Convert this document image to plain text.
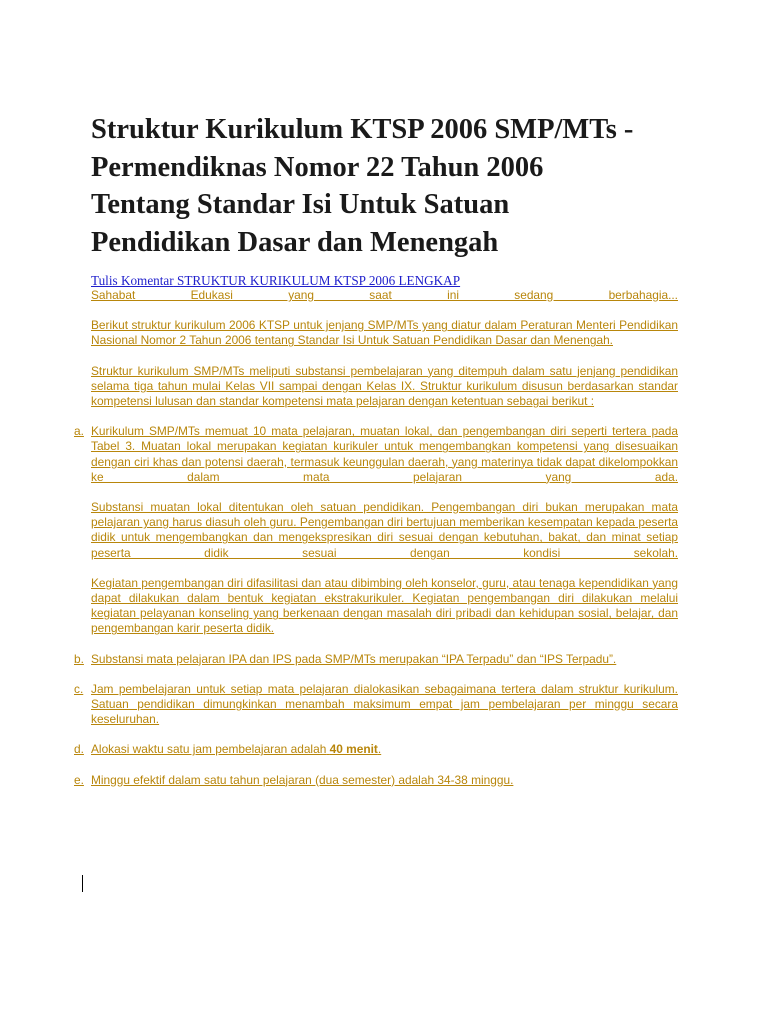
Struktur Kurikulum KTSP 2006 SMP/MTs -
Permendiknas Nomor 22 Tahun 2006
Tentang Standar Isi Untuk Satuan
Pendidikan Dasar dan Menengah
Tulis Komentar STRUKTUR KURIKULUM KTSP 2006 LENGKAP

Sahabat Edukasi yang saat ini sedang berbahagia...

Berikut struktur kurikulum 2006 KTSP untuk jenjang SMP/MTs yang diatur dalam Peraturan Menteri Pendidikan Nasional Nomor 2 Tahun 2006 tentang Standar Isi Untuk Satuan Pendidikan Dasar dan Menengah.

Struktur kurikulum SMP/MTs meliputi substansi pembelajaran yang ditempuh dalam satu jenjang pendidikan selama tiga tahun mulai Kelas VII sampai dengan Kelas IX. Struktur kurikulum disusun berdasarkan standar kompetensi lulusan dan standar kompetensi mata pelajaran dengan ketentuan sebagai berikut :

a. Kurikulum SMP/MTs memuat 10 mata pelajaran, muatan lokal, dan pengembangan diri seperti tertera pada Tabel 3. Muatan lokal merupakan kegiatan kurikuler untuk mengembangkan kompetensi yang disesuaikan dengan ciri khas dan potensi daerah, termasuk keunggulan daerah, yang materinya tidak dapat dikelompokkan ke dalam mata pelajaran yang ada.

Substansi muatan lokal ditentukan oleh satuan pendidikan. Pengembangan diri bukan merupakan mata pelajaran yang harus diasuh oleh guru. Pengembangan diri bertujuan memberikan kesempatan kepada peserta didik untuk mengembangkan dan mengekspresikan diri sesuai dengan kebutuhan, bakat, dan minat setiap peserta didik sesuai dengan kondisi sekolah.

Kegiatan pengembangan diri difasilitasi dan atau dibimbing oleh konselor, guru, atau tenaga kependidikan yang dapat dilakukan dalam bentuk kegiatan ekstrakurikuler. Kegiatan pengembangan diri dilakukan melalui kegiatan pelayanan konseling yang berkenaan dengan masalah diri pribadi dan kehidupan sosial, belajar, dan pengembangan karir peserta didik.

b. Substansi mata pelajaran IPA dan IPS pada SMP/MTs merupakan “IPA Terpadu” dan “IPS Terpadu”.

c. Jam pembelajaran untuk setiap mata pelajaran dialokasikan sebagaimana tertera dalam struktur kurikulum. Satuan pendidikan dimungkinkan menambah maksimum empat jam pembelajaran per minggu secara keseluruhan.

d. Alokasi waktu satu jam pembelajaran adalah 40 menit.

e. Minggu efektif dalam satu tahun pelajaran (dua semester) adalah 34-38 minggu.
